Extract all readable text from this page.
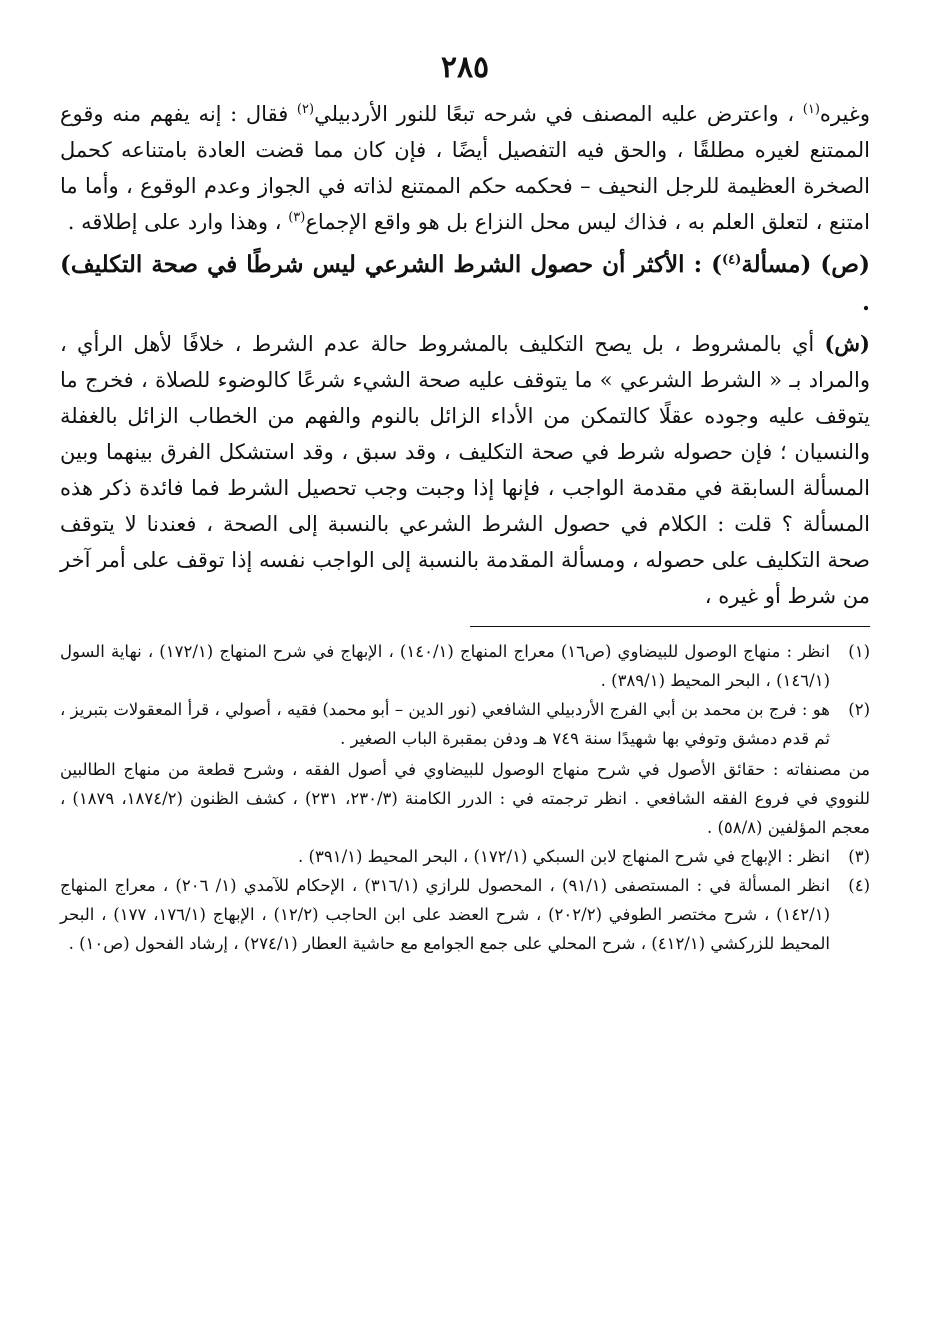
٢٨٥

وغيره$^{(١)}$ ، واعترض عليه المصنف في شرحه تبعًا للنور الأردبيلي$^{(٢)}$ فقال : إنه يفهم منه وقوع الممتنع لغيره مطلقًا ، والحق فيه التفصيل أيضًا ، فإن كان مما قضت العادة بامتناعه كحمل الصخرة العظيمة للرجل النحيف – فحكمه حكم الممتنع لذاته في الجواز وعدم الوقوع ، وأما ما امتنع ، لتعلق العلم به ، فذاك ليس محل النزاع بل هو واقع الإجماع$^{(٣)}$ ، وهذا وارد على إطلاقه .

(ص) (مسألة$^{(٤)}$) : الأكثر أن حصول الشرط الشرعي ليس شرطًا في صحة التكليف) .

(ش) أي بالمشروط ، بل يصح التكليف بالمشروط حالة عدم الشرط ، خلافًا لأهل الرأي ، والمراد بـ « الشرط الشرعي » ما يتوقف عليه صحة الشيء شرعًا كالوضوء للصلاة ، فخرج ما يتوقف عليه وجوده عقلًا كالتمكن من الأداء الزائل بالنوم والفهم من الخطاب الزائل بالغفلة والنسيان ؛ فإن حصوله شرط في صحة التكليف ، وقد سبق ، وقد استشكل الفرق بينهما وبين المسألة السابقة في مقدمة الواجب ، فإنها إذا وجبت وجب تحصيل الشرط فما فائدة ذكر هذه المسألة ؟ قلت : الكلام في حصول الشرط الشرعي بالنسبة إلى الصحة ، فعندنا لا يتوقف صحة التكليف على حصوله ، ومسألة المقدمة بالنسبة إلى الواجب نفسه إذا توقف على أمر آخر من شرط أو غيره ،

(١)
انظر : منهاج الوصول للبيضاوي (ص١٦) معراج المنهاج (١٤٠/١) ، الإبهاج في شرح المنهاج (١٧٢/١) ، نهاية السول (١٤٦/١) ، البحر المحيط (٣٨٩/١) .
(٢)
هو : فرج بن محمد بن أبي الفرج الأردبيلي الشافعي (نور الدين – أبو محمد) فقيه ، أصولي ، قرأ المعقولات بتبريز ، ثم قدم دمشق وتوفي بها شهيدًا سنة ٧٤٩ هـ ودفن بمقبرة الباب الصغير .

من مصنفاته : حقائق الأصول في شرح منهاج الوصول للبيضاوي في أصول الفقه ، وشرح قطعة من منهاج الطالبين للنووي في فروع الفقه الشافعي . انظر ترجمته في : الدرر الكامنة (٢٣٠/٣، ٢٣١) ، كشف الظنون (١٨٧٤/٢، ١٨٧٩) ، معجم المؤلفين (٥٨/٨) .

(٣)
انظر : الإبهاج في شرح المنهاج لابن السبكي (١٧٢/١) ، البحر المحيط (٣٩١/١) .
(٤)
انظر المسألة في : المستصفى (٩١/١) ، المحصول للرازي (٣١٦/١) ، الإحكام للآمدي (١/ ٢٠٦) ، معراج المنهاج (١٤٢/١) ، شرح مختصر الطوفي (٢٠٢/٢) ، شرح العضد على ابن الحاجب (١٢/٢) ، الإبهاج (١٧٦/١، ١٧٧) ، البحر المحيط للزركشي (٤١٢/١) ، شرح المحلي على جمع الجوامع مع حاشية العطار (٢٧٤/١) ، إرشاد الفحول (ص١٠) .
